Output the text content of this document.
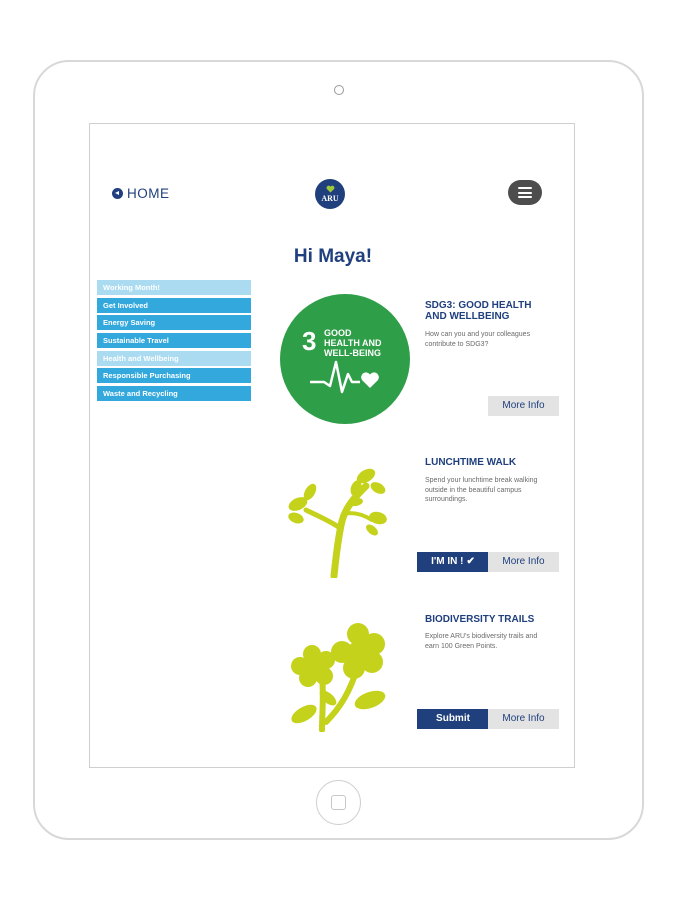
HOME	ARU
Hi Maya!
Working Month!
Get Involved
Energy Saving
Sustainable Travel
Health and Wellbeing
Responsible Purchasing
Waste and Recycling
3 GOOD HEALTH AND WELL-BEING
SDG3: GOOD HEALTH AND WELLBEING
How can you and your colleagues contribute to SDG3?
More Info
LUNCHTIME WALK
Spend your lunchtime break walking outside in the beautiful campus surroundings.
I'M IN ! ✔	More Info
BIODIVERSITY TRAILS
Explore ARU's biodiversity trails and earn 100 Green Points.
Submit	More Info
